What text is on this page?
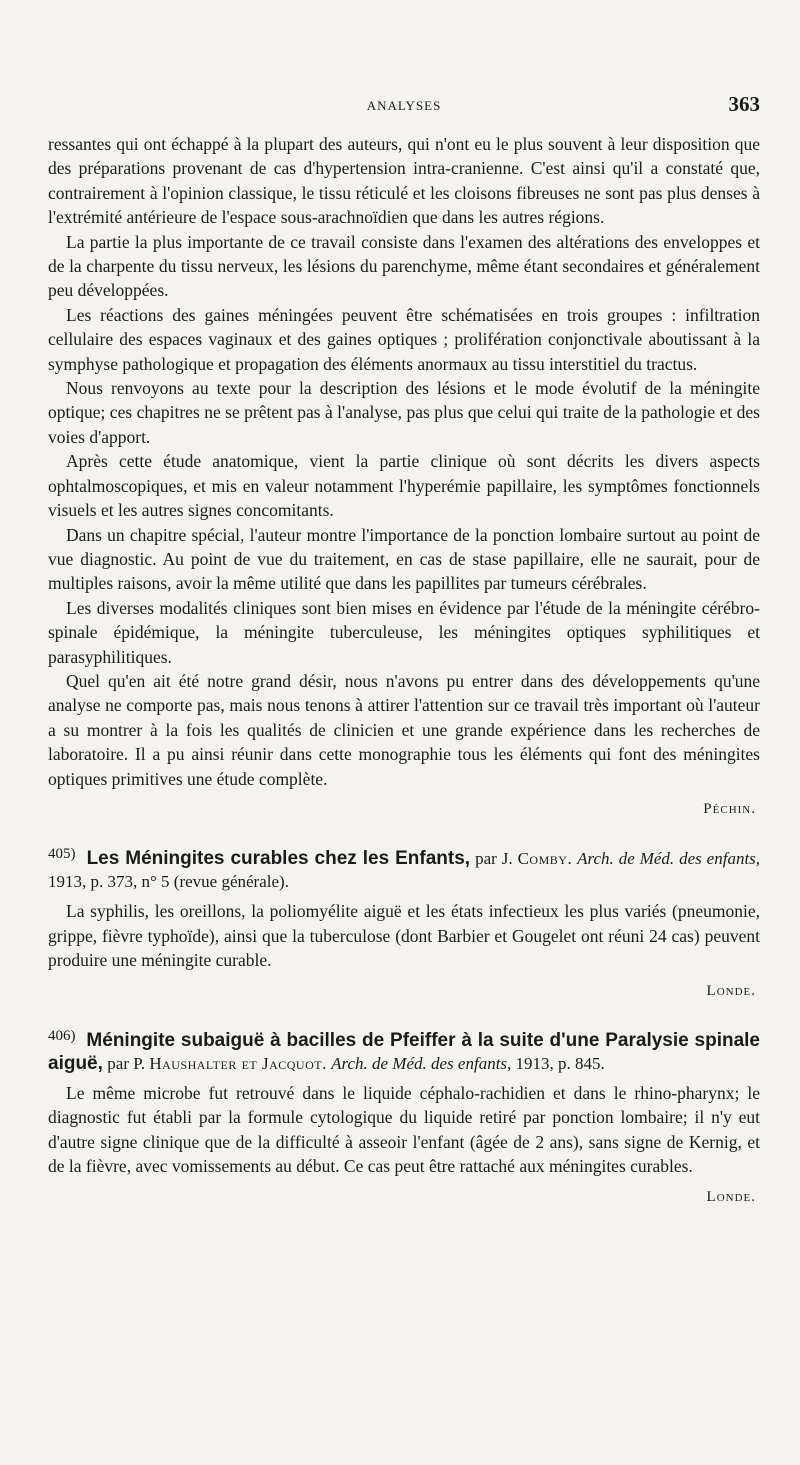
ANALYSES	363

ressantes qui ont échappé à la plupart des auteurs, qui n'ont eu le plus souvent à leur disposition que des préparations provenant de cas d'hypertension intra-cranienne. C'est ainsi qu'il a constaté que, contrairement à l'opinion classique, le tissu réticulé et les cloisons fibreuses ne sont pas plus denses à l'extrémité antérieure de l'espace sous-arachnoïdien que dans les autres régions.

La partie la plus importante de ce travail consiste dans l'examen des altérations des enveloppes et de la charpente du tissu nerveux, les lésions du parenchyme, même étant secondaires et généralement peu développées.

Les réactions des gaines méningées peuvent être schématisées en trois groupes : infiltration cellulaire des espaces vaginaux et des gaines optiques ; prolifération conjonctivale aboutissant à la symphyse pathologique et propagation des éléments anormaux au tissu interstitiel du tractus.

Nous renvoyons au texte pour la description des lésions et le mode évolutif de la méningite optique; ces chapitres ne se prêtent pas à l'analyse, pas plus que celui qui traite de la pathologie et des voies d'apport.

Après cette étude anatomique, vient la partie clinique où sont décrits les divers aspects ophtalmoscopiques, et mis en valeur notamment l'hyperémie papillaire, les symptômes fonctionnels visuels et les autres signes concomitants.

Dans un chapitre spécial, l'auteur montre l'importance de la ponction lombaire surtout au point de vue diagnostic. Au point de vue du traitement, en cas de stase papillaire, elle ne saurait, pour de multiples raisons, avoir la même utilité que dans les papillites par tumeurs cérébrales.

Les diverses modalités cliniques sont bien mises en évidence par l'étude de la méningite cérébro-spinale épidémique, la méningite tuberculeuse, les méningites optiques syphilitiques et parasyphilitiques.

Quel qu'en ait été notre grand désir, nous n'avons pu entrer dans des développements qu'une analyse ne comporte pas, mais nous tenons à attirer l'attention sur ce travail très important où l'auteur a su montrer à la fois les qualités de clinicien et une grande expérience dans les recherches de laboratoire. Il a pu ainsi réunir dans cette monographie tous les éléments qui font des méningites optiques primitives une étude complète.

Péchin.

405) Les Méningites curables chez les Enfants, par J. Comby. Arch. de Méd. des enfants, 1913, p. 373, n° 5 (revue générale).

La syphilis, les oreillons, la poliomyélite aiguë et les états infectieux les plus variés (pneumonie, grippe, fièvre typhoïde), ainsi que la tuberculose (dont Barbier et Gougelet ont réuni 24 cas) peuvent produire une méningite curable.

Londe.

406) Méningite subaiguë à bacilles de Pfeiffer à la suite d'une Paralysie spinale aiguë, par P. Haushalter et Jacquot. Arch. de Méd. des enfants, 1913, p. 845.

Le même microbe fut retrouvé dans le liquide céphalo-rachidien et dans le rhino-pharynx; le diagnostic fut établi par la formule cytologique du liquide retiré par ponction lombaire; il n'y eut d'autre signe clinique que de la difficulté à asseoir l'enfant (âgée de 2 ans), sans signe de Kernig, et de la fièvre, avec vomissements au début. Ce cas peut être rattaché aux méningites curables.

Londe.
